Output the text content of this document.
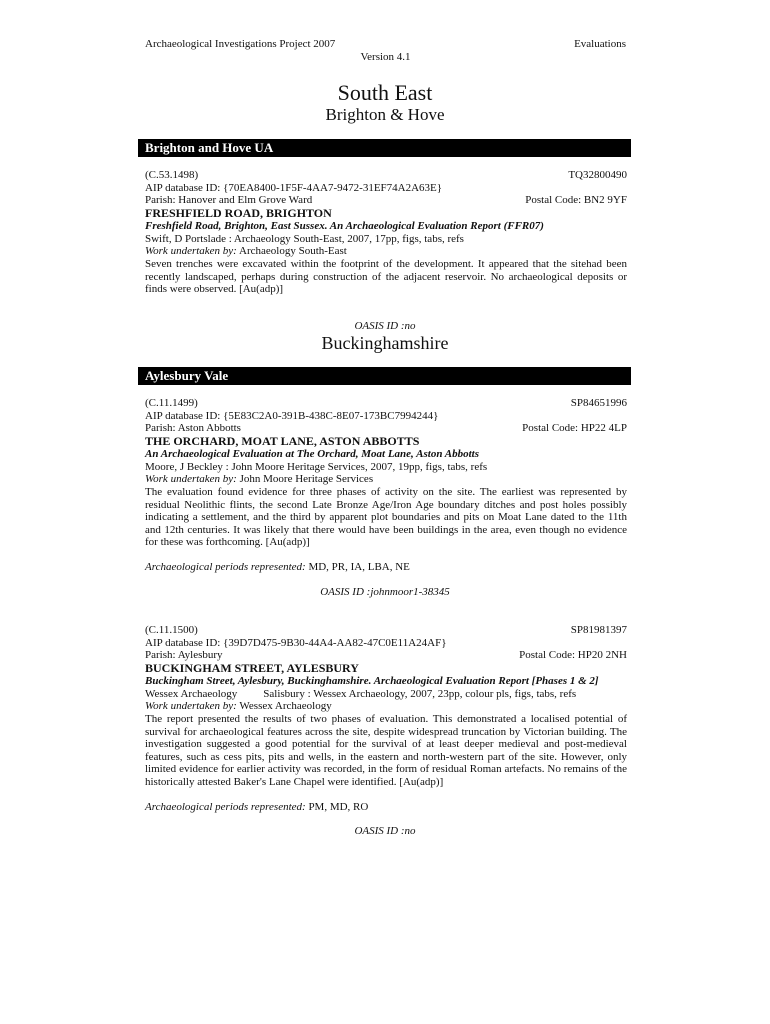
Archaeological Investigations Project 2007	Evaluations
Version 4.1
South East
Brighton & Hove
Brighton and Hove UA
(C.53.1498)	TQ32800490
AIP database ID: {70EA8400-1F5F-4AA7-9472-31EF74A2A63E}
Parish: Hanover and Elm Grove Ward	Postal Code: BN2 9YF
FRESHFIELD ROAD, BRIGHTON
Freshfield Road, Brighton, East Sussex. An Archaeological Evaluation Report (FFR07)
Swift, D Portslade : Archaeology South-East, 2007, 17pp, figs, tabs, refs
Work undertaken by: Archaeology South-East
Seven trenches were excavated within the footprint of the development. It appeared that the sitehad been recently landscaped, perhaps during construction of the adjacent reservoir. No archaeological deposits or finds were observed. [Au(adp)]
OASIS ID :no
Buckinghamshire
Aylesbury Vale
(C.11.1499)	SP84651996
AIP database ID: {5E83C2A0-391B-438C-8E07-173BC7994244}
Parish: Aston Abbotts	Postal Code: HP22 4LP
THE ORCHARD, MOAT LANE, ASTON ABBOTTS
An Archaeological Evaluation at The Orchard, Moat Lane, Aston Abbotts
Moore, J Beckley : John Moore Heritage Services, 2007, 19pp, figs, tabs, refs
Work undertaken by: John Moore Heritage Services
The evaluation found evidence for three phases of activity on the site. The earliest was represented by residual Neolithic flints, the second Late Bronze Age/Iron Age boundary ditches and post holes possibly indicating a settlement, and the third by apparent plot boundaries and pits on Moat Lane dated to the 11th and 12th centuries. It was likely that there would have been buildings in the area, even though no evidence for these was forthcoming. [Au(adp)]
Archaeological periods represented: MD, PR, IA, LBA, NE
OASIS ID :johnmoor1-38345
(C.11.1500)	SP81981397
AIP database ID: {39D7D475-9B30-44A4-AA82-47C0E11A24AF}
Parish: Aylesbury	Postal Code: HP20 2NH
BUCKINGHAM STREET, AYLESBURY
Buckingham Street, Aylesbury, Buckinghamshire. Archaeological Evaluation Report [Phases 1 & 2]
Wessex Archaeology Salisbury : Wessex Archaeology, 2007, 23pp, colour pls, figs, tabs, refs
Work undertaken by: Wessex Archaeology
The report presented the results of two phases of evaluation. This demonstrated a localised potential of survival for archaeological features across the site, despite widespread truncation by Victorian building. The investigation suggested a good potential for the survival of at least deeper medieval and post-medieval features, such as cess pits, pits and wells, in the eastern and north-western part of the site. However, only limited evidence for earlier activity was recorded, in the form of residual Roman artefacts. No remains of the historically attested Baker's Lane Chapel were identified. [Au(adp)]
Archaeological periods represented: PM, MD, RO
OASIS ID :no
